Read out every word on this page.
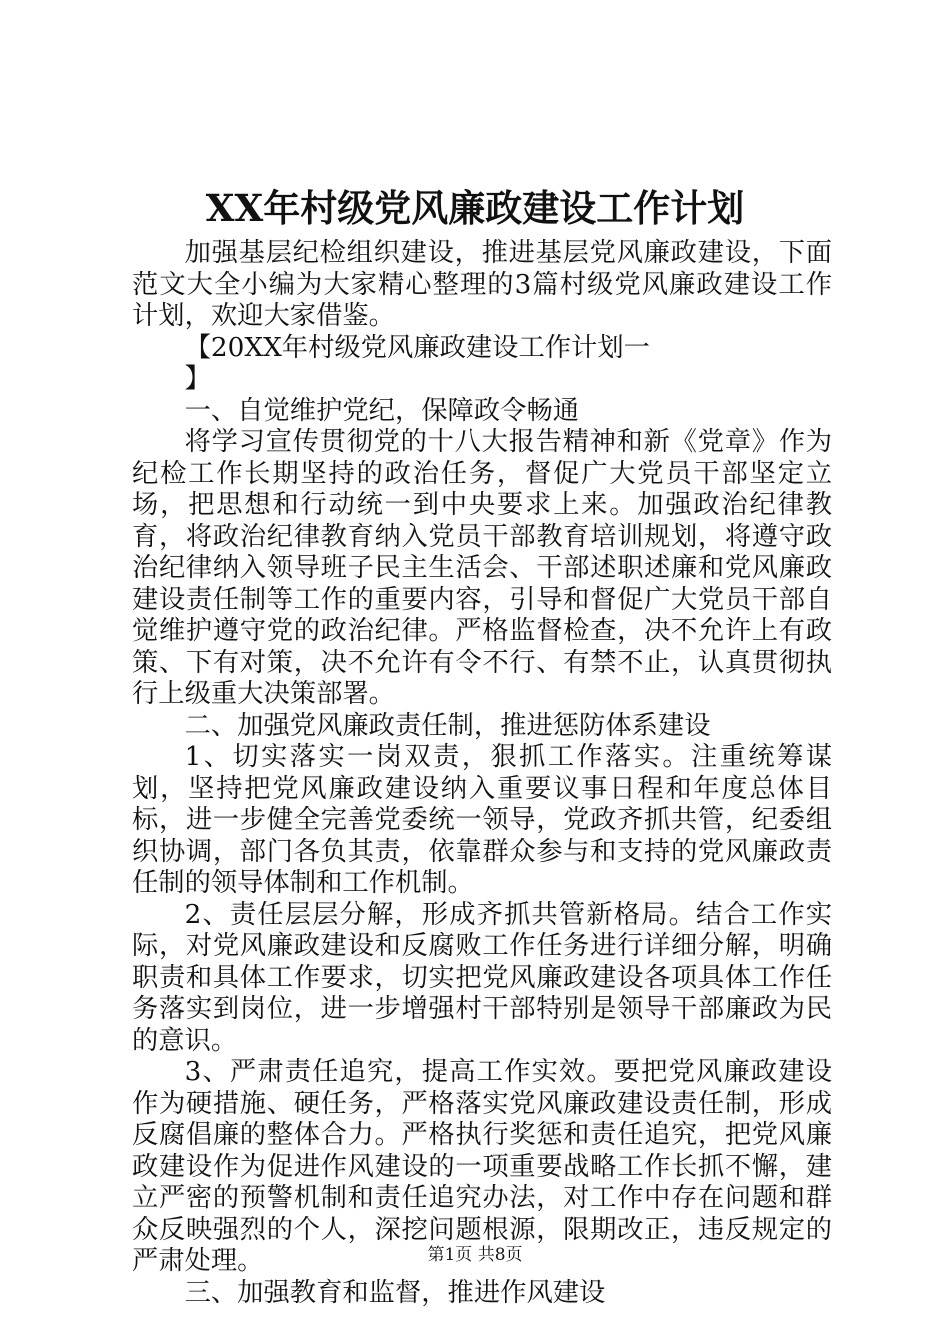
XX年村级党风廉政建设工作计划

加强基层纪检组织建设，推进基层党风廉政建设，下面范文大全小编为大家精心整理的3篇村级党风廉政建设工作计划，欢迎大家借鉴。

【20XX年村级党风廉政建设工作计划一

】

一、自觉维护党纪，保障政令畅通

将学习宣传贯彻党的十八大报告精神和新《党章》作为纪检工作长期坚持的政治任务，督促广大党员干部坚定立场，把思想和行动统一到中央要求上来。加强政治纪律教育，将政治纪律教育纳入党员干部教育培训规划，将遵守政治纪律纳入领导班子民主生活会、干部述职述廉和党风廉政建设责任制等工作的重要内容，引导和督促广大党员干部自觉维护遵守党的政治纪律。严格监督检查，决不允许上有政策、下有对策，决不允许有令不行、有禁不止，认真贯彻执行上级重大决策部署。

二、加强党风廉政责任制，推进惩防体系建设

1、切实落实一岗双责，狠抓工作落实。注重统筹谋划，坚持把党风廉政建设纳入重要议事日程和年度总体目标，进一步健全完善党委统一领导，党政齐抓共管，纪委组织协调，部门各负其责，依靠群众参与和支持的党风廉政责任制的领导体制和工作机制。

2、责任层层分解，形成齐抓共管新格局。结合工作实际，对党风廉政建设和反腐败工作任务进行详细分解，明确职责和具体工作要求，切实把党风廉政建设各项具体工作任务落实到岗位，进一步增强村干部特别是领导干部廉政为民的意识。

3、严肃责任追究，提高工作实效。要把党风廉政建设作为硬措施、硬任务，严格落实党风廉政建设责任制，形成反腐倡廉的整体合力。严格执行奖惩和责任追究，把党风廉政建设作为促进作风建设的一项重要战略工作长抓不懈，建立严密的预警机制和责任追究办法，对工作中存在问题和群众反映强烈的个人，深挖问题根源，限期改正，违反规定的严肃处理。

三、加强教育和监督，推进作风建设

第1页 共8页
